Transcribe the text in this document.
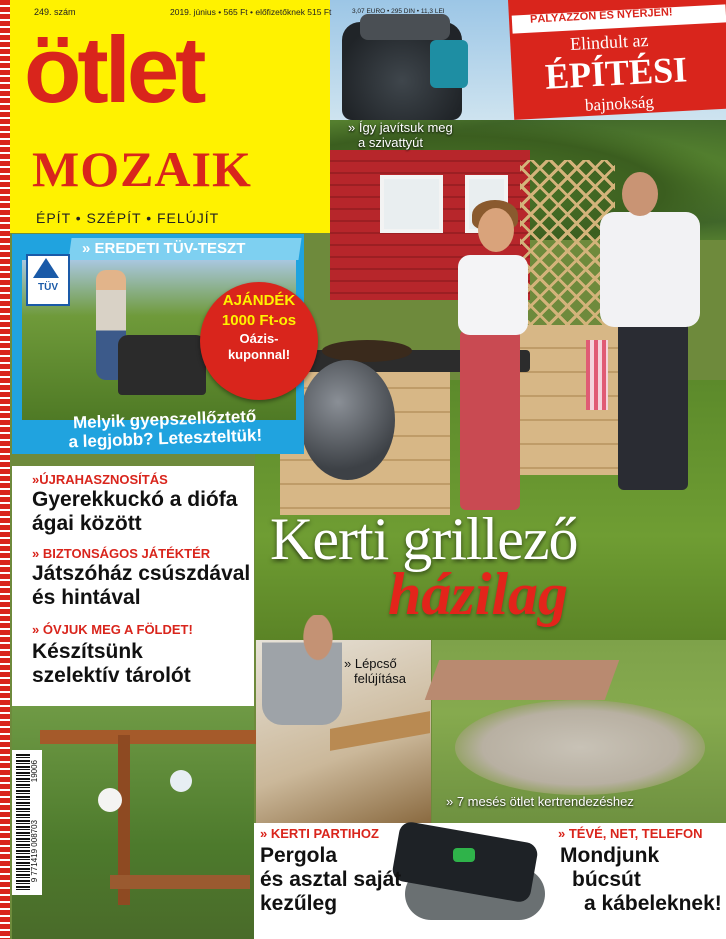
» Így javítsuk meg
a szivattyút
249. szám	2019. június • 565 Ft • előfizetőknek 515 Ft	3,07 EURO • 295 DIN • 11,3 LEI
ötlet
MOZAIK
ÉPÍT • SZÉPÍT • FELÚJÍT
PÁLYÁZZON ÉS NYERJEN!
Elindult az
ÉPÍTÉSI
bajnokság
» EREDETI TÜV-TESZT
TÜV
Melyik gyepszellőztető
a legjobb? Leteszteltük!
AJÁNDÉK
1000 Ft-os
Oázis-
kuponnal!
»ÚJRAHASZNOSÍTÁS
Gyerekkuckó a diófa
ágai között
» BIZTONSÁGOS JÁTÉKTÉR
Játszóház csúszdával
és hintával
» ÓVJUK MEG A FÖLDET!
Készítsünk
szelektív tárolót
19006
9 771419 008703
Kerti grillező
házilag
» Lépcső
felújítása
» 7 mesés ötlet kertrendezéshez
» KERTI PARTIHOZ
Pergola
és asztal saját
kezűleg
» TÉVÉ, NET, TELEFON
Mondjunk
búcsút
a kábeleknek!
